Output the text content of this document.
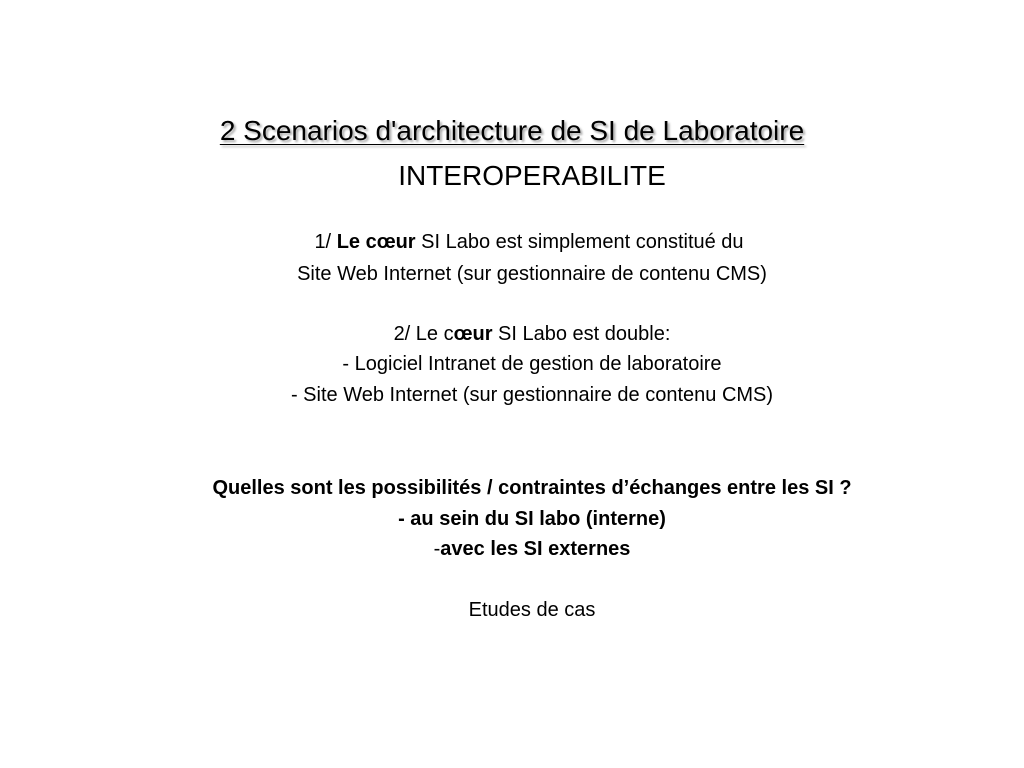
2 Scenarios d'architecture de SI de Laboratoire
INTEROPERABILITE
1/ Le cœur SI Labo est simplement constitué du
Site Web Internet (sur gestionnaire de contenu CMS)
2/ Le cœur SI Labo est double:
- Logiciel Intranet de gestion de laboratoire
- Site Web Internet (sur gestionnaire de contenu CMS)
Quelles sont les possibilités / contraintes d’échanges entre les SI ?
- au sein du SI labo (interne)
-avec les SI externes
Etudes de cas
